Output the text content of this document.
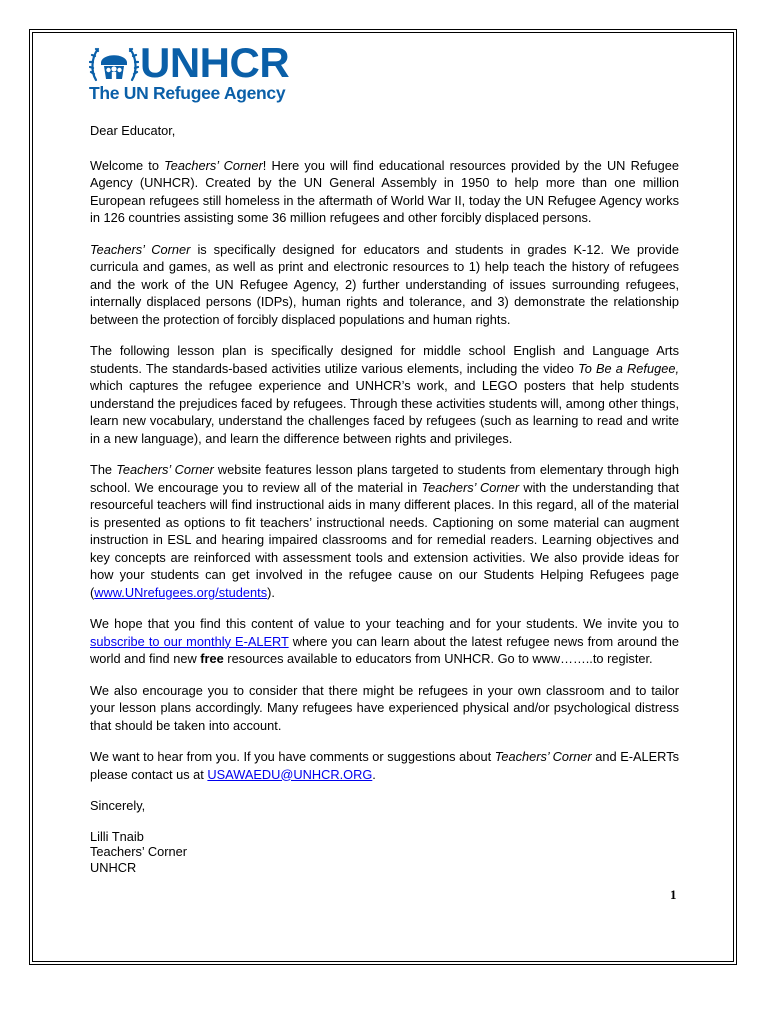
UNHCR
The UN Refugee Agency

Dear Educator,

Welcome to Teachers’ Corner! Here you will find educational resources provided by the UN Refugee Agency (UNHCR). Created by the UN General Assembly in 1950 to help more than one million European refugees still homeless in the aftermath of World War II, today the UN Refugee Agency works in 126 countries assisting some 36 million refugees and other forcibly displaced persons.

Teachers’ Corner is specifically designed for educators and students in grades K-12. We provide curricula and games, as well as print and electronic resources to 1) help teach the history of refugees and the work of the UN Refugee Agency, 2) further understanding of issues surrounding refugees, internally displaced persons (IDPs), human rights and tolerance, and 3) demonstrate the relationship between the protection of forcibly displaced populations and human rights.

The following lesson plan is specifically designed for middle school English and Language Arts students. The standards-based activities utilize various elements, including the video To Be a Refugee, which captures the refugee experience and UNHCR’s work, and LEGO posters that help students understand the prejudices faced by refugees. Through these activities students will, among other things, learn new vocabulary, understand the challenges faced by refugees (such as learning to read and write in a new language), and learn the difference between rights and privileges.

The Teachers’ Corner website features lesson plans targeted to students from elementary through high school. We encourage you to review all of the material in Teachers’ Corner with the understanding that resourceful teachers will find instructional aids in many different places. In this regard, all of the material is presented as options to fit teachers’ instructional needs. Captioning on some material can augment instruction in ESL and hearing impaired classrooms and for remedial readers. Learning objectives and key concepts are reinforced with assessment tools and extension activities. We also provide ideas for how your students can get involved in the refugee cause on our Students Helping Refugees page (www.UNrefugees.org/students).

We hope that you find this content of value to your teaching and for your students. We invite you to subscribe to our monthly E-ALERT where you can learn about the latest refugee news from around the world and find new free resources available to educators from UNHCR. Go to www……..to register.

We also encourage you to consider that there might be refugees in your own classroom and to tailor your lesson plans accordingly. Many refugees have experienced physical and/or psychological distress that should be taken into account.

We want to hear from you. If you have comments or suggestions about Teachers’ Corner and E-ALERTs please contact us at USAWAEDU@UNHCR.ORG.

Sincerely,

Lilli Tnaib
Teachers’ Corner
UNHCR
1
